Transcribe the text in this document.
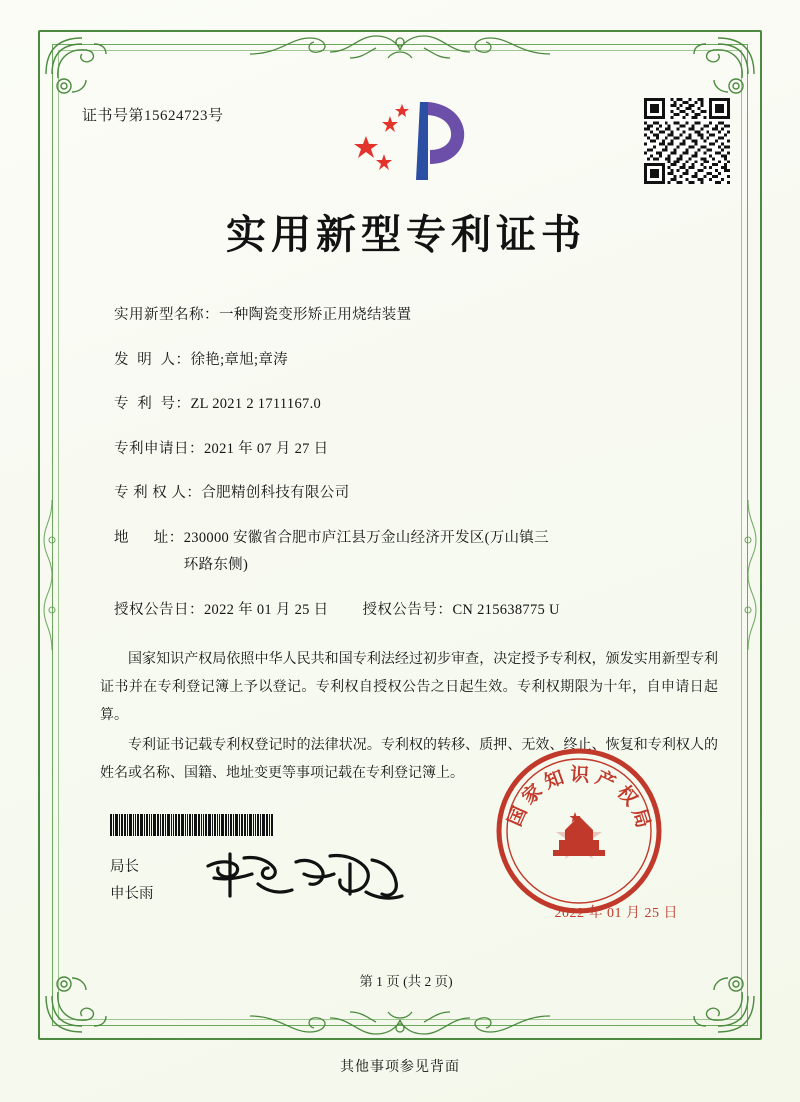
证书号第15624723号
实用新型专利证书
实用新型名称： 一种陶瓷变形矫正用烧结装置
发  明  人： 徐艳;章旭;章涛
专  利  号： ZL 2021 2 1711167.0
专利申请日： 2021 年 07 月 27 日
专 利 权 人： 合肥精创科技有限公司
地      址： 230000 安徽省合肥市庐江县万金山经济开发区(万山镇三
环路东侧)
授权公告日： 2022 年 01 月 25 日 授权公告号： CN 215638775 U

国家知识产权局依照中华人民共和国专利法经过初步审查，决定授予专利权，颁发实用新型专利证书并在专利登记簿上予以登记。专利权自授权公告之日起生效。专利权期限为十年，自申请日起算。

专利证书记载专利权登记时的法律状况。专利权的转移、质押、无效、终止、恢复和专利权人的姓名或名称、国籍、地址变更等事项记载在专利登记簿上。

局长
申长雨
国家知识产权局
2022 年 01 月 25 日
第 1 页 (共 2 页)
其他事项参见背面
